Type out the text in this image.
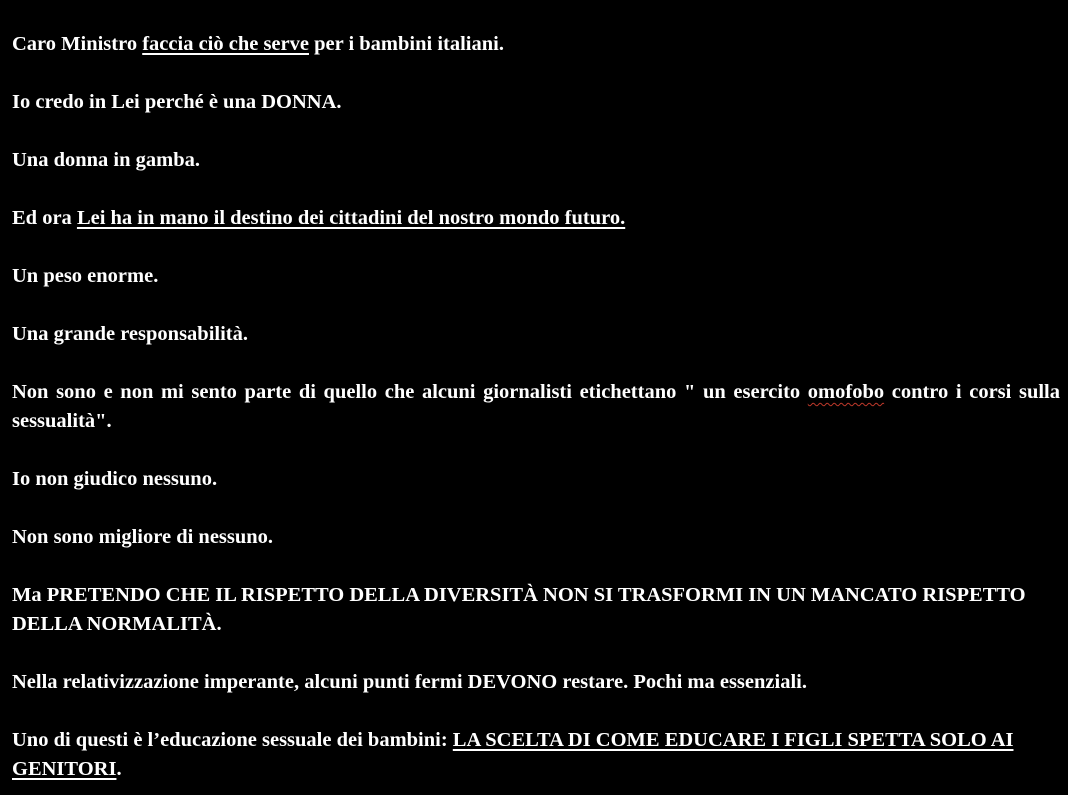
Caro Ministro faccia ciò che serve per i bambini italiani.

Io credo in Lei perché è una DONNA.

Una donna in gamba.

Ed ora Lei ha in mano il destino dei cittadini del nostro mondo futuro.

Un peso enorme.

Una grande responsabilità.

Non sono e non mi sento parte di quello che alcuni giornalisti etichettano " un esercito omofobo contro i corsi sulla sessualità".

Io non giudico nessuno.

Non sono migliore di nessuno.

Ma PRETENDO CHE IL RISPETTO DELLA DIVERSITÀ NON SI TRASFORMI IN UN MANCATO RISPETTO DELLA NORMALITÀ.

Nella relativizzazione imperante, alcuni punti fermi DEVONO restare. Pochi ma essenziali.

Uno di questi è l’educazione sessuale dei bambini: LA SCELTA DI COME EDUCARE I FIGLI SPETTA SOLO AI GENITORI.
